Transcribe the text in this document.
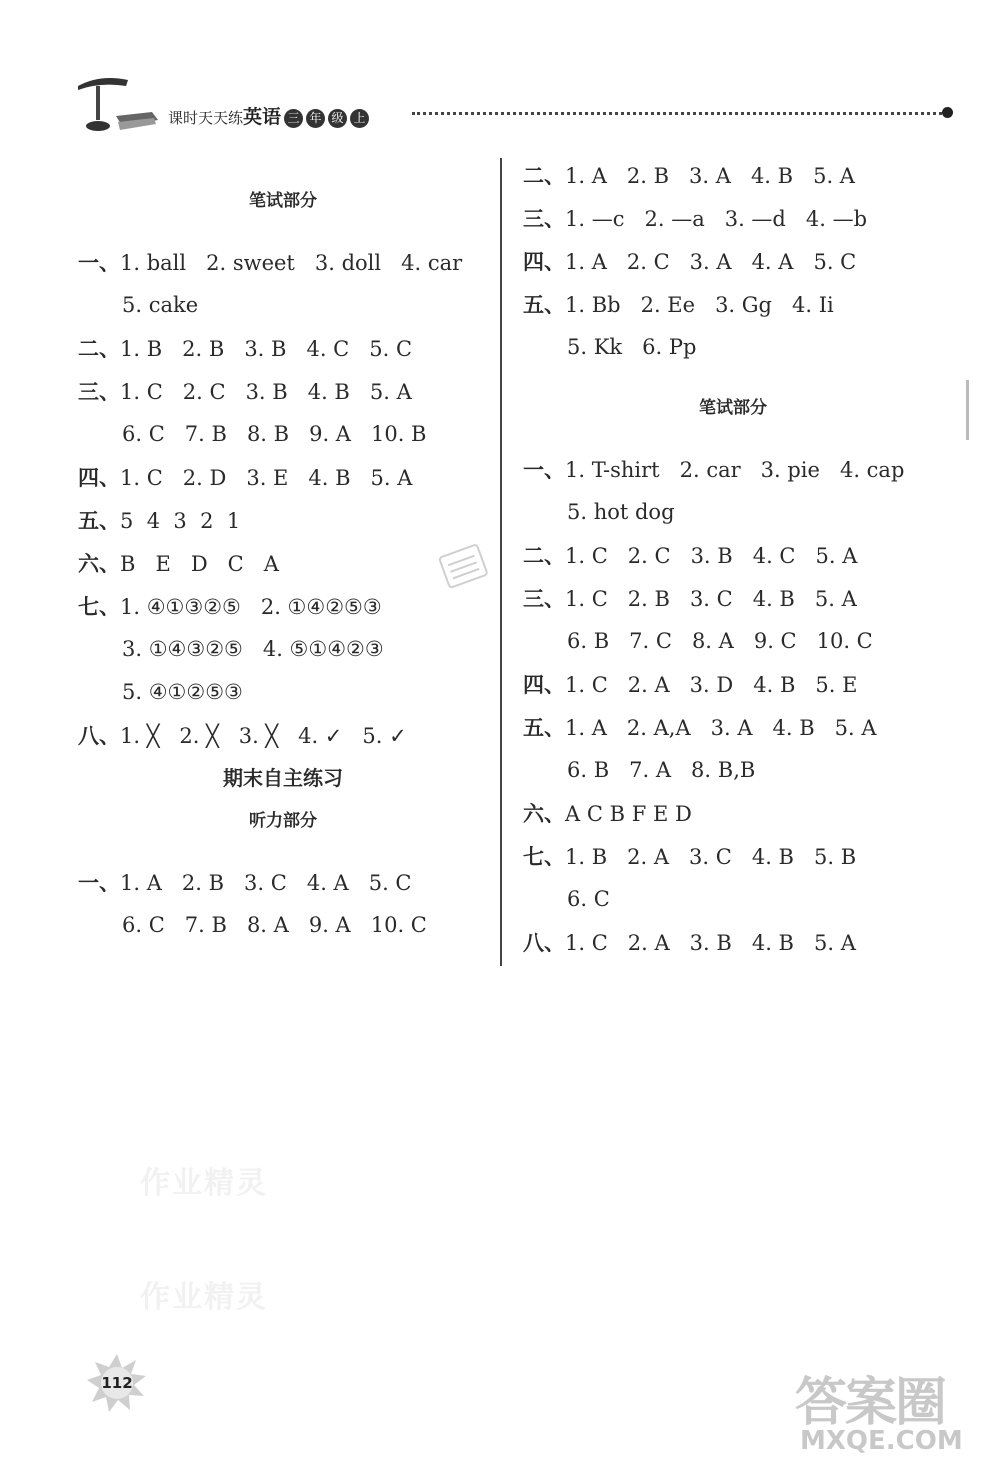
课时天天练英语 三 年 级 上
笔试部分
一、1. ball 2. sweet 3. doll 4. car
5. cake
二、1. B 2. B 3. B 4. C 5. C
三、1. C 2. C 3. B 4. B 5. A
6. C 7. B 8. B 9. A 10. B
四、1. C 2. D 3. E 4. B 5. A
五、5  4  3  2  1
六、B   E   D   C   A
七、1. ④①③②⑤ 2. ①④②⑤③
3. ①④③②⑤ 4. ⑤①④②③
5. ④①②⑤③
八、1. ╳ 2. ╳ 3. ╳ 4. ✓ 5. ✓
期末自主练习
听力部分
一、1. A 2. B 3. C 4. A 5. C
6. C 7. B 8. A 9. A 10. C
二、1. A 2. B 3. A 4. B 5. A
三、1. —c 2. —a 3. —d 4. —b
四、1. A 2. C 3. A 4. A 5. C
五、1. Bb 2. Ee 3. Gg 4. Ii
5. Kk 6. Pp
笔试部分
一、1. T-shirt 2. car 3. pie 4. cap
5. hot dog
二、1. C 2. C 3. B 4. C 5. A
三、1. C 2. B 3. C 4. B 5. A
6. B 7. C 8. A 9. C 10. C
四、1. C 2. A 3. D 4. B 5. E
五、1. A 2. A,A 3. A 4. B 5. A
6. B 7. A 8. B,B
六、A C B F E D
七、1. B 2. A 3. C 4. B 5. B
6. C
八、1. C 2. A 3. B 4. B 5. A
作业精灵
作业精灵
112	答案圈
MXQE.COM
